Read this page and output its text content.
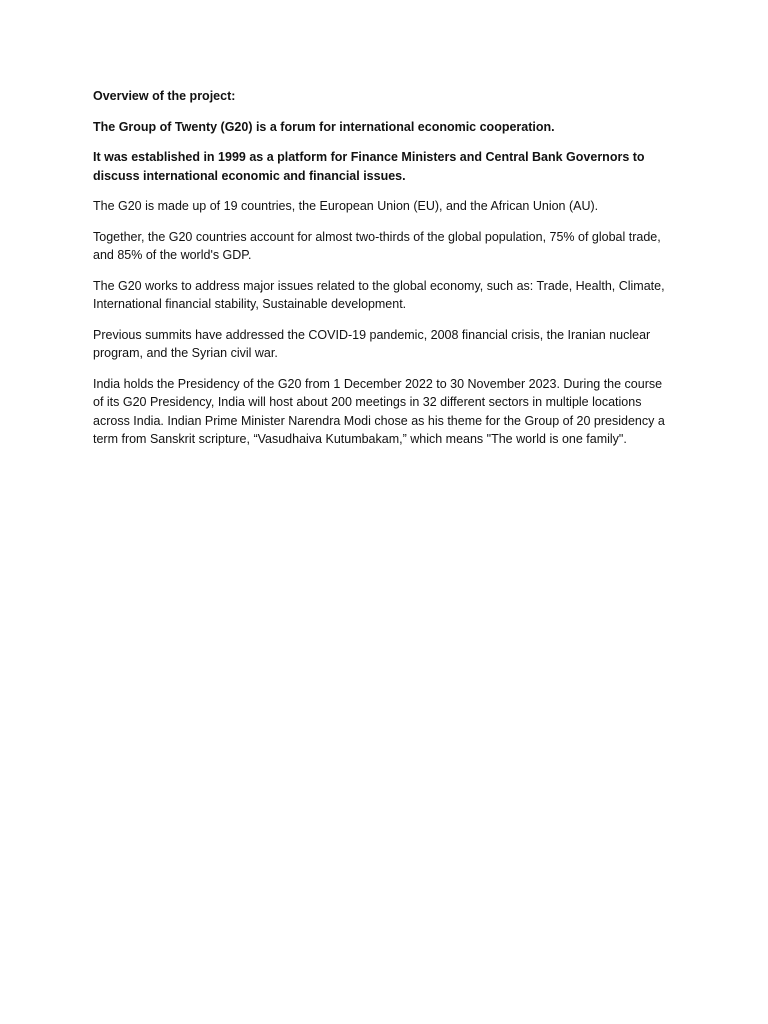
Overview of the project:

The Group of Twenty (G20) is a forum for international economic cooperation.

It was established in 1999 as a platform for Finance Ministers and Central Bank Governors to discuss international economic and financial issues.

The G20 is made up of 19 countries, the European Union (EU), and the African Union (AU).

Together, the G20 countries account for almost two-thirds of the global population, 75% of global trade, and 85% of the world's GDP.

The G20 works to address major issues related to the global economy, such as: Trade, Health, Climate, International financial stability, Sustainable development.

Previous summits have addressed the COVID-19 pandemic, 2008 financial crisis, the Iranian nuclear program, and the Syrian civil war.

India holds the Presidency of the G20 from 1 December 2022 to 30 November 2023. During the course of its G20 Presidency, India will host about 200 meetings in 32 different sectors in multiple locations across India. Indian Prime Minister Narendra Modi chose as his theme for the Group of 20 presidency a term from Sanskrit scripture, “Vasudhaiva Kutumbakam,” which means "The world is one family".
